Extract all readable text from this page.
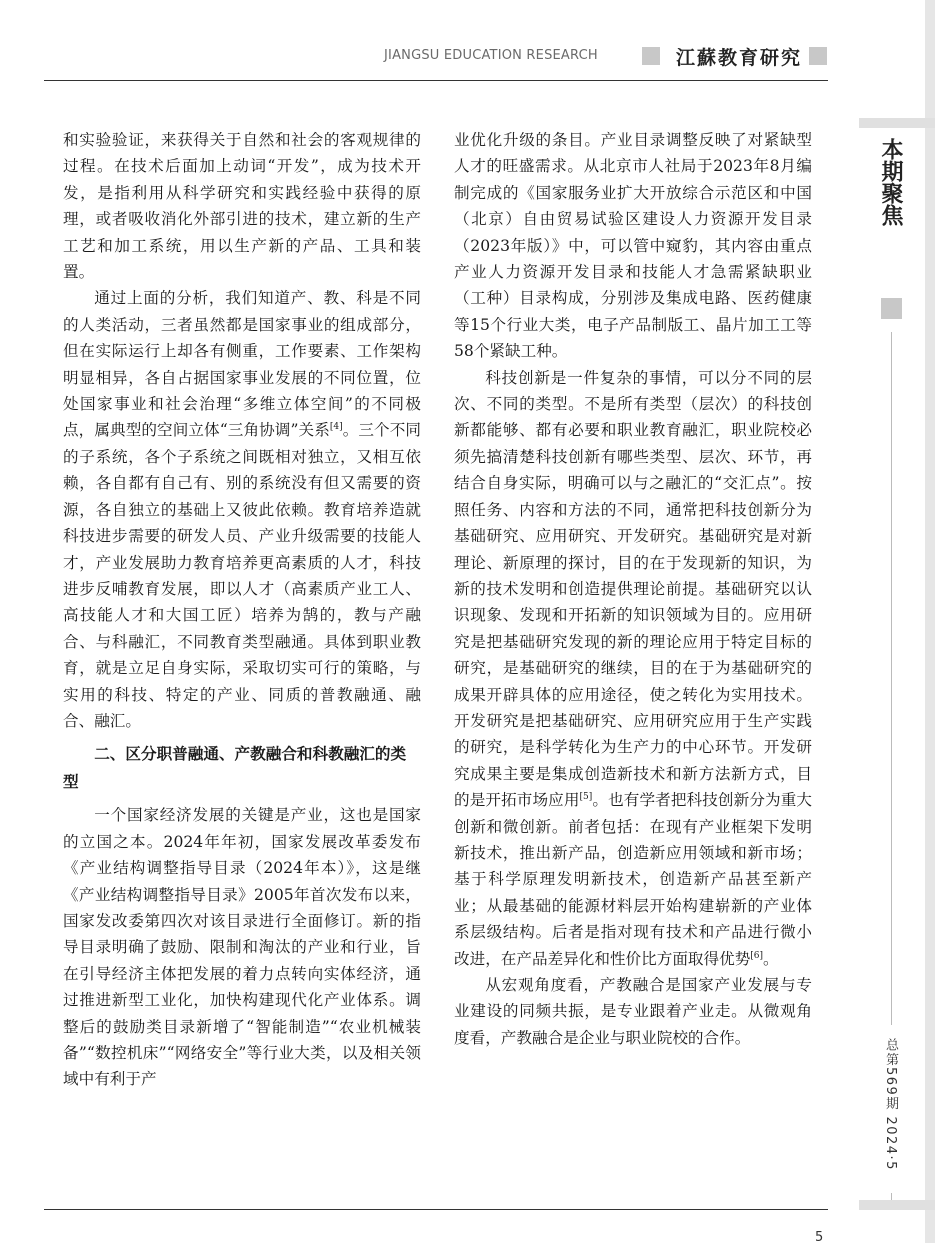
JIANGSU EDUCATION RESEARCH	江蘇教育研究
本期聚焦
总第569期 2024·5

和实验验证，来获得关于自然和社会的客观规律的过程。在技术后面加上动词“开发”，成为技术开发，是指利用从科学研究和实践经验中获得的原理，或者吸收消化外部引进的技术，建立新的生产工艺和加工系统，用以生产新的产品、工具和装置。

通过上面的分析，我们知道产、教、科是不同的人类活动，三者虽然都是国家事业的组成部分，但在实际运行上却各有侧重，工作要素、工作架构明显相异，各自占据国家事业发展的不同位置，位处国家事业和社会治理“多维立体空间”的不同极点，属典型的空间立体“三角协调”关系[4]。三个不同的子系统，各个子系统之间既相对独立，又相互依赖，各自都有自己有、别的系统没有但又需要的资源，各自独立的基础上又彼此依赖。教育培养造就科技进步需要的研发人员、产业升级需要的技能人才，产业发展助力教育培养更高素质的人才，科技进步反哺教育发展，即以人才（高素质产业工人、高技能人才和大国工匠）培养为鹄的，教与产融合、与科融汇，不同教育类型融通。具体到职业教育，就是立足自身实际，采取切实可行的策略，与实用的科技、特定的产业、同质的普教融通、融合、融汇。

二、区分职普融通、产教融合和科教融汇的类型

一个国家经济发展的关键是产业，这也是国家的立国之本。2024年年初，国家发展改革委发布《产业结构调整指导目录（2024年本）》，这是继《产业结构调整指导目录》2005年首次发布以来，国家发改委第四次对该目录进行全面修订。新的指导目录明确了鼓励、限制和淘汰的产业和行业，旨在引导经济主体把发展的着力点转向实体经济，通过推进新型工业化，加快构建现代化产业体系。调整后的鼓励类目录新增了“智能制造”“农业机械装备”“数控机床”“网络安全”等行业大类，以及相关领域中有利于产

业优化升级的条目。产业目录调整反映了对紧缺型人才的旺盛需求。从北京市人社局于2023年8月编制完成的《国家服务业扩大开放综合示范区和中国（北京）自由贸易试验区建设人力资源开发目录（2023年版）》中，可以管中窥豹，其内容由重点产业人力资源开发目录和技能人才急需紧缺职业（工种）目录构成，分别涉及集成电路、医药健康等15个行业大类，电子产品制版工、晶片加工工等58个紧缺工种。

科技创新是一件复杂的事情，可以分不同的层次、不同的类型。不是所有类型（层次）的科技创新都能够、都有必要和职业教育融汇，职业院校必须先搞清楚科技创新有哪些类型、层次、环节，再结合自身实际，明确可以与之融汇的“交汇点”。按照任务、内容和方法的不同，通常把科技创新分为基础研究、应用研究、开发研究。基础研究是对新理论、新原理的探讨，目的在于发现新的知识，为新的技术发明和创造提供理论前提。基础研究以认识现象、发现和开拓新的知识领域为目的。应用研究是把基础研究发现的新的理论应用于特定目标的研究，是基础研究的继续，目的在于为基础研究的成果开辟具体的应用途径，使之转化为实用技术。开发研究是把基础研究、应用研究应用于生产实践的研究，是科学转化为生产力的中心环节。开发研究成果主要是集成创造新技术和新方法新方式，目的是开拓市场应用[5]。也有学者把科技创新分为重大创新和微创新。前者包括：在现有产业框架下发明新技术，推出新产品，创造新应用领域和新市场；基于科学原理发明新技术，创造新产品甚至新产业；从最基础的能源材料层开始构建崭新的产业体系层级结构。后者是指对现有技术和产品进行微小改进，在产品差异化和性价比方面取得优势[6]。

从宏观角度看，产教融合是国家产业发展与专业建设的同频共振，是专业跟着产业走。从微观角度看，产教融合是企业与职业院校的合作。

5
